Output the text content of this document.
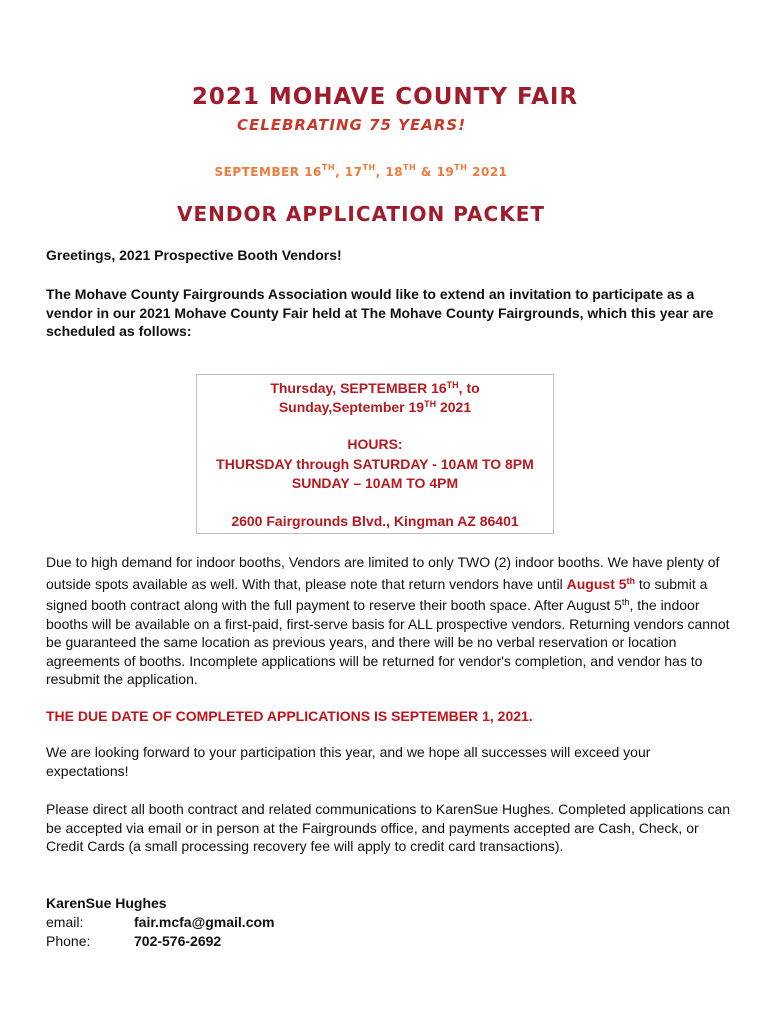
2021 MOHAVE COUNTY FAIR
CELEBRATING 75 YEARS!
SEPTEMBER 16TH, 17TH, 18TH & 19TH 2021
VENDOR APPLICATION PACKET
Greetings, 2021 Prospective Booth Vendors!
The Mohave County Fairgrounds Association would like to extend an invitation to participate as a vendor in our 2021 Mohave County Fair held at The Mohave County Fairgrounds, which this year are scheduled as follows:
Thursday, SEPTEMBER 16TH, to
Sunday,September 19TH 2021
HOURS:
THURSDAY through SATURDAY - 10AM TO 8PM
SUNDAY – 10AM TO 4PM
2600 Fairgrounds Blvd., Kingman AZ 86401
Due to high demand for indoor booths, Vendors are limited to only TWO (2) indoor booths. We have plenty of outside spots available as well. With that, please note that return vendors have until August 5th to submit a signed booth contract along with the full payment to reserve their booth space. After August 5th, the indoor booths will be available on a first-paid, first-serve basis for ALL prospective vendors. Returning vendors cannot be guaranteed the same location as previous years, and there will be no verbal reservation or location agreements of booths. Incomplete applications will be returned for vendor's completion, and vendor has to resubmit the application.
THE DUE DATE OF COMPLETED APPLICATIONS IS SEPTEMBER 1, 2021.
We are looking forward to your participation this year, and we hope all successes will exceed your expectations!
Please direct all booth contract and related communications to KarenSue Hughes. Completed applications can be accepted via email or in person at the Fairgrounds office, and payments accepted are Cash, Check, or Credit Cards (a small processing recovery fee will apply to credit card transactions).
KarenSue Hughes
email:	fair.mcfa@gmail.com
Phone:	702-576-2692
